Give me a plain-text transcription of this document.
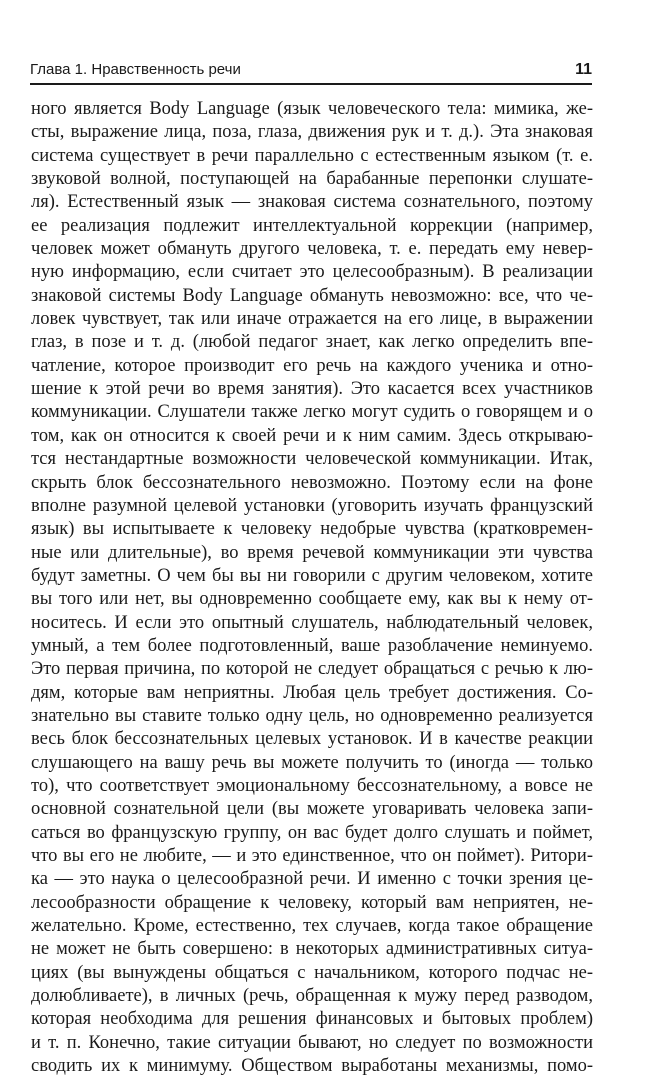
Глава 1. Нравственность речи	11
ного является Body Language (язык человеческого тела: мимика, же-
сты, выражение лица, поза, глаза, движения рук и т. д.). Эта знаковая
система существует в речи параллельно с естественным языком (т. е.
звуковой волной, поступающей на барабанные перепонки слушате-
ля). Естественный язык — знаковая система сознательного, поэтому
ее реализация подлежит интеллектуальной коррекции (например,
человек может обмануть другого человека, т. е. передать ему невер-
ную информацию, если считает это целесообразным). В реализации
знаковой системы Body Language обмануть невозможно: все, что че-
ловек чувствует, так или иначе отражается на его лице, в выражении
глаз, в позе и т. д. (любой педагог знает, как легко определить впе-
чатление, которое производит его речь на каждого ученика и отно-
шение к этой речи во время занятия). Это касается всех участников
коммуникации. Слушатели также легко могут судить о говорящем и о
том, как он относится к своей речи и к ним самим. Здесь открываю-
тся нестандартные возможности человеческой коммуникации. Итак,
скрыть блок бессознательного невозможно. Поэтому если на фоне
вполне разумной целевой установки (уговорить изучать французский
язык) вы испытываете к человеку недобрые чувства (кратковремен-
ные или длительные), во время речевой коммуникации эти чувства
будут заметны. О чем бы вы ни говорили с другим человеком, хотите
вы того или нет, вы одновременно сообщаете ему, как вы к нему от-
носитесь. И если это опытный слушатель, наблюдательный человек,
умный, а тем более подготовленный, ваше разоблачение неминуемо.
Это первая причина, по которой не следует обращаться с речью к лю-
дям, которые вам неприятны. Любая цель требует достижения. Со-
знательно вы ставите только одну цель, но одновременно реализуется
весь блок бессознательных целевых установок. И в качестве реакции
слушающего на вашу речь вы можете получить то (иногда — только
то), что соответствует эмоциональному бессознательному, а вовсе не
основной сознательной цели (вы можете уговаривать человека запи-
саться во французскую группу, он вас будет долго слушать и поймет,
что вы его не любите, — и это единственное, что он поймет). Ритори-
ка — это наука о целесообразной речи. И именно с точки зрения це-
лесообразности обращение к человеку, который вам неприятен, не-
желательно. Кроме, естественно, тех случаев, когда такое обращение
не может не быть совершено: в некоторых административных ситуа-
циях (вы вынуждены общаться с начальником, которого подчас не-
долюбливаете), в личных (речь, обращенная к мужу перед разводом,
которая необходима для решения финансовых и бытовых проблем)
и т. п. Конечно, такие ситуации бывают, но следует по возможности
сводить их к минимуму. Обществом выработаны механизмы, помо-
